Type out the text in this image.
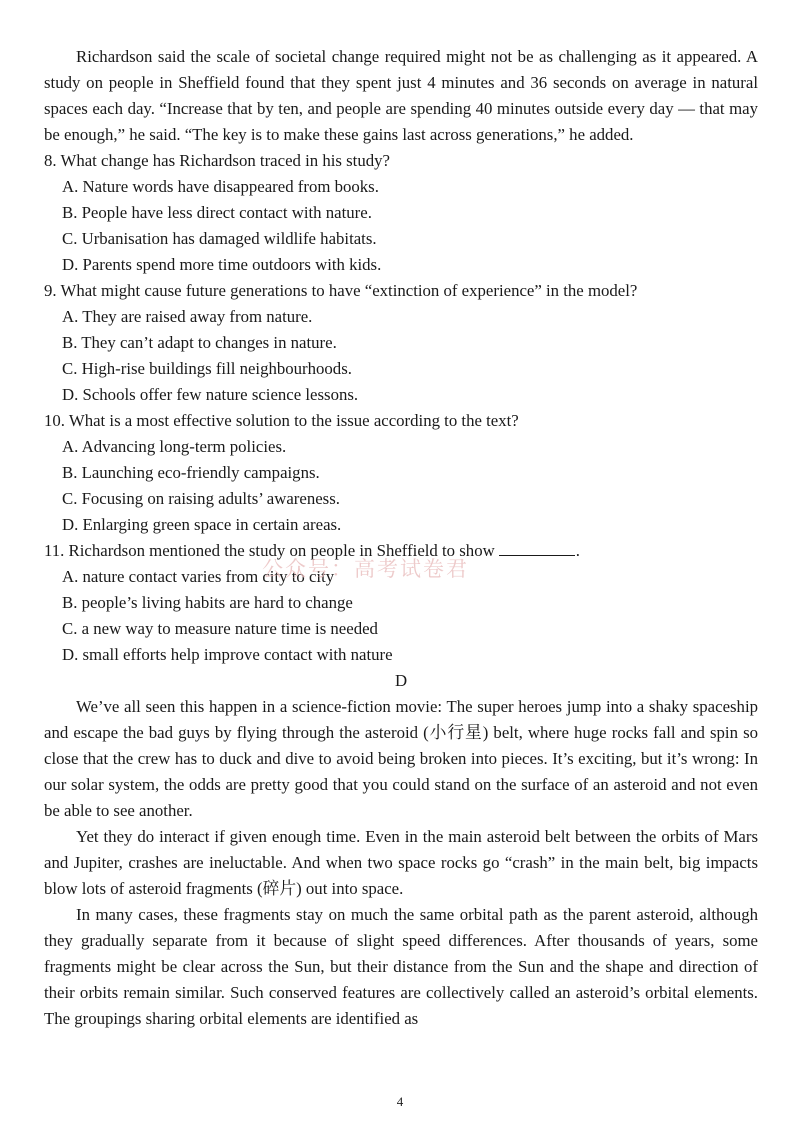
Richardson said the scale of societal change required might not be as challenging as it appeared. A study on people in Sheffield found that they spent just 4 minutes and 36 seconds on average in natural spaces each day. “Increase that by ten, and people are spending 40 minutes outside every day — that may be enough,” he said. “The key is to make these gains last across generations,” he added.

8. What change has Richardson traced in his study?

A. Nature words have disappeared from books.

B. People have less direct contact with nature.

C. Urbanisation has damaged wildlife habitats.

D. Parents spend more time outdoors with kids.

9. What might cause future generations to have “extinction of experience” in the model?

A. They are raised away from nature.

B. They can’t adapt to changes in nature.

C. High-rise buildings fill neighbourhoods.

D. Schools offer few nature science lessons.

10. What is a most effective solution to the issue according to the text?

A. Advancing long-term policies.

B. Launching eco-friendly campaigns.

C. Focusing on raising adults’ awareness.

D. Enlarging green space in certain areas.

11. Richardson mentioned the study on people in Sheffield to show	.

A. nature contact varies from city to city

B. people’s living habits are hard to change

C. a new way to measure nature time is needed

D. small efforts help improve contact with nature

D

We’ve all seen this happen in a science-fiction movie: The super heroes jump into a shaky spaceship and escape the bad guys by flying through the asteroid (小行星) belt, where huge rocks fall and spin so close that the crew has to duck and dive to avoid being broken into pieces. It’s exciting, but it’s wrong: In our solar system, the odds are pretty good that you could stand on the surface of an asteroid and not even be able to see another.

Yet they do interact if given enough time. Even in the main asteroid belt between the orbits of Mars and Jupiter, crashes are ineluctable. And when two space rocks go “crash” in the main belt, big impacts blow lots of asteroid fragments (碎片) out into space.

In many cases, these fragments stay on much the same orbital path as the parent asteroid, although they gradually separate from it because of slight speed differences. After thousands of years, some fragments might be clear across the Sun, but their distance from the Sun and the shape and direction of their orbits remain similar. Such conserved features are collectively called an asteroid’s orbital elements. The groupings sharing orbital elements are identified as

公众号：高考试卷君
4
